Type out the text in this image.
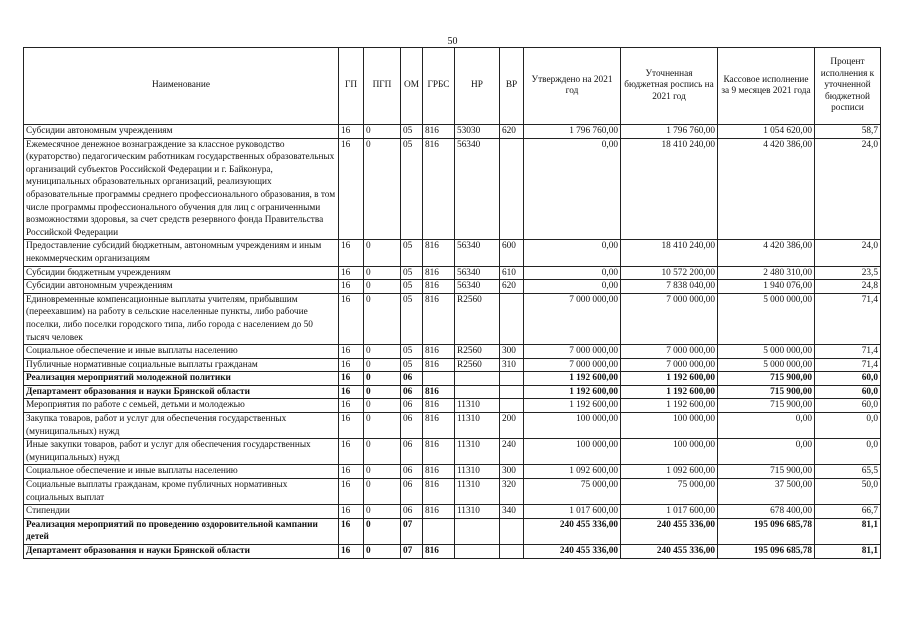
50
Наименование	ГП	ПГП	ОМ	ГРБС	НР	ВР	Утверждено на 2021 год	Уточненная бюджетная роспись на 2021 год	Кассовое исполнение за 9 месяцев 2021 года	Процент исполнения к уточненной бюджетной росписи
Субсидии автономным учреждениям	16	0	05	816	53030	620	1 796 760,00	1 796 760,00	1 054 620,00	58,7
Ежемесячное денежное вознаграждение за классное руководство (кураторство) педагогическим работникам государственных образовательных организаций субъектов Российской Федерации и г. Байконура, муниципальных образовательных организаций, реализующих образовательные программы среднего профессионального образования, в том числе программы профессионального обучения для лиц с ограниченными возможностями здоровья, за счет средств резервного фонда Правительства Российской Федерации	16	0	05	816	56340		0,00	18 410 240,00	4 420 386,00	24,0
Предоставление субсидий бюджетным, автономным учреждениям и иным некоммерческим организациям	16	0	05	816	56340	600	0,00	18 410 240,00	4 420 386,00	24,0
Субсидии бюджетным учреждениям	16	0	05	816	56340	610	0,00	10 572 200,00	2 480 310,00	23,5
Субсидии автономным учреждениям	16	0	05	816	56340	620	0,00	7 838 040,00	1 940 076,00	24,8
Единовременные компенсационные выплаты учителям, прибывшим (переехавшим) на работу в сельские населенные пункты, либо рабочие поселки, либо поселки городского типа, либо города с населением до 50 тысяч человек	16	0	05	816	R2560		7 000 000,00	7 000 000,00	5 000 000,00	71,4
Социальное обеспечение и иные выплаты населению	16	0	05	816	R2560	300	7 000 000,00	7 000 000,00	5 000 000,00	71,4
Публичные нормативные социальные выплаты гражданам	16	0	05	816	R2560	310	7 000 000,00	7 000 000,00	5 000 000,00	71,4
Реализация мероприятий молодежной политики	16	0	06				1 192 600,00	1 192 600,00	715 900,00	60,0
Департамент образования и науки Брянской области	16	0	06	816			1 192 600,00	1 192 600,00	715 900,00	60,0
Мероприятия по работе с семьей, детьми и молодежью	16	0	06	816	11310		1 192 600,00	1 192 600,00	715 900,00	60,0
Закупка товаров, работ и услуг для обеспечения государственных (муниципальных) нужд	16	0	06	816	11310	200	100 000,00	100 000,00	0,00	0,0
Иные закупки товаров, работ и услуг для обеспечения государственных (муниципальных) нужд	16	0	06	816	11310	240	100 000,00	100 000,00	0,00	0,0
Социальное обеспечение и иные выплаты населению	16	0	06	816	11310	300	1 092 600,00	1 092 600,00	715 900,00	65,5
Социальные выплаты гражданам, кроме публичных нормативных социальных выплат	16	0	06	816	11310	320	75 000,00	75 000,00	37 500,00	50,0
Стипендии	16	0	06	816	11310	340	1 017 600,00	1 017 600,00	678 400,00	66,7
Реализация мероприятий по проведению оздоровительной кампании детей	16	0	07				240 455 336,00	240 455 336,00	195 096 685,78	81,1
Департамент образования и науки Брянской области	16	0	07	816			240 455 336,00	240 455 336,00	195 096 685,78	81,1
